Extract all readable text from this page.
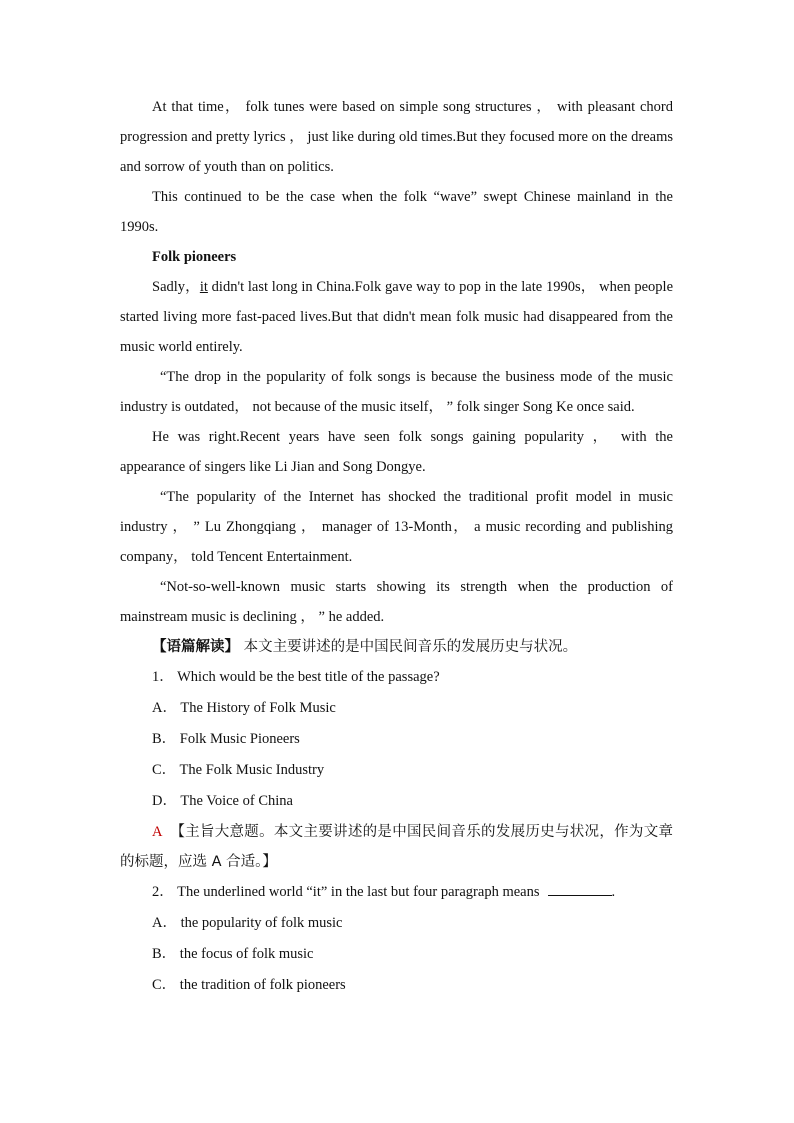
At that time， folk tunes were based on simple song structures ， with pleasant chord progression and pretty lyrics ， just like during old times.But they focused more on the dreams and sorrow of youth than on politics.

This continued to be the case when the folk “wave” swept Chinese mainland in the 1990s.

Folk pioneers

Sadly，it didn't last long in China.Folk gave way to pop in the late 1990s， when people started living more fast-paced lives.But that didn't mean folk music had disappeared from the music world entirely.

“The drop in the popularity of folk songs is because the business mode of the music industry is outdated， not because of the music itself， ” folk singer Song Ke once said.

He was right.Recent years have seen folk songs gaining popularity ， with the appearance of singers like Li Jian and Song Dongye.

“The popularity of the Internet has shocked the traditional profit model in music industry ， ” Lu Zhongqiang ， manager of 13-Month， a music recording and publishing company， told Tencent Entertainment.

“Not-so-well-known music starts showing its strength when the production of mainstream music is declining ， ” he added.

【语篇解读】 本文主要讲述的是中国民间音乐的发展历史与状况。

1． Which would be the best title of the passage?

A． The History of Folk Music

B． Folk Music Pioneers

C． The Folk Music Industry

D． The Voice of China

A 【主旨大意题。本文主要讲述的是中国民间音乐的发展历史与状况，作为文章的标题，应选 A 合适。】

2． The underlined world “it” in the last but four paragraph means	.

A． the popularity of folk music

B． the focus of folk music

C． the tradition of folk pioneers
